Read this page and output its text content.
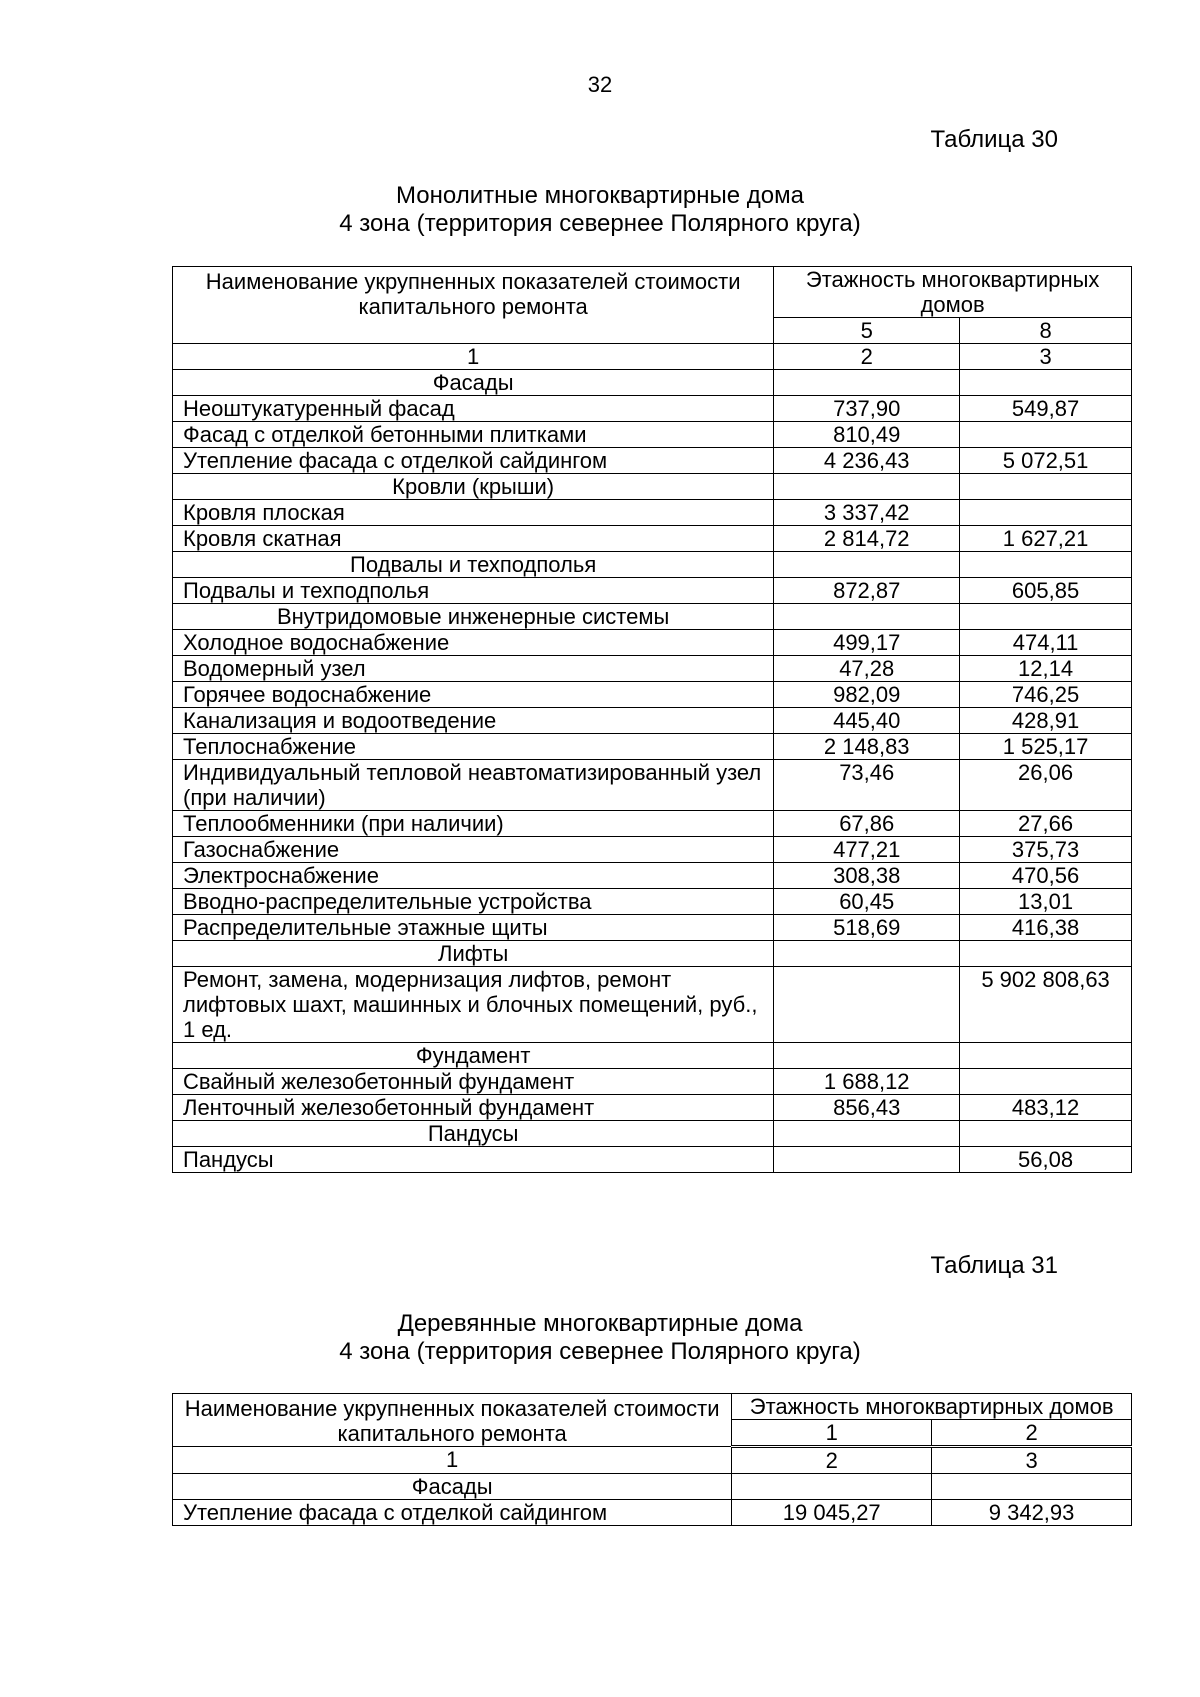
32
Таблица 30
Монолитные многоквартирные дома
4 зона (территория севернее Полярного круга)
Наименование укрупненных показателей стоимости капитального ремонта	Этажность многоквартирных домов	
	5	8
1	2	3
Фасады		
Неоштукатуренный фасад	737,90	549,87
Фасад с отделкой бетонными плитками	810,49	
Утепление фасада с отделкой сайдингом	4 236,43	5 072,51
Кровли (крыши)		
Кровля плоская	3 337,42	
Кровля скатная	2 814,72	1 627,21
Подвалы и техподполья		
Подвалы и техподполья	872,87	605,85
Внутридомовые инженерные системы		
Холодное водоснабжение	499,17	474,11
Водомерный узел	47,28	12,14
Горячее водоснабжение	982,09	746,25
Канализация и водоотведение	445,40	428,91
Теплоснабжение	2 148,83	1 525,17
Индивидуальный тепловой неавтоматизированный узел (при наличии)	73,46	26,06
Теплообменники (при наличии)	67,86	27,66
Газоснабжение	477,21	375,73
Электроснабжение	308,38	470,56
Вводно-распределительные устройства	60,45	13,01
Распределительные этажные щиты	518,69	416,38
Лифты		
Ремонт, замена, модернизация лифтов, ремонт лифтовых шахт, машинных и блочных помещений, руб., 1 ед.		5 902 808,63
Фундамент		
Свайный железобетонный фундамент	1 688,12	
Ленточный железобетонный фундамент	856,43	483,12
Пандусы		
Пандусы		56,08
Таблица 31
Деревянные многоквартирные дома
4 зона (территория севернее Полярного круга)
Наименование укрупненных показателей стоимости капитального ремонта	Этажность многоквартирных домов	
	1	2
1	2	3
Фасады		
Утепление фасада с отделкой сайдингом	19 045,27	9 342,93
